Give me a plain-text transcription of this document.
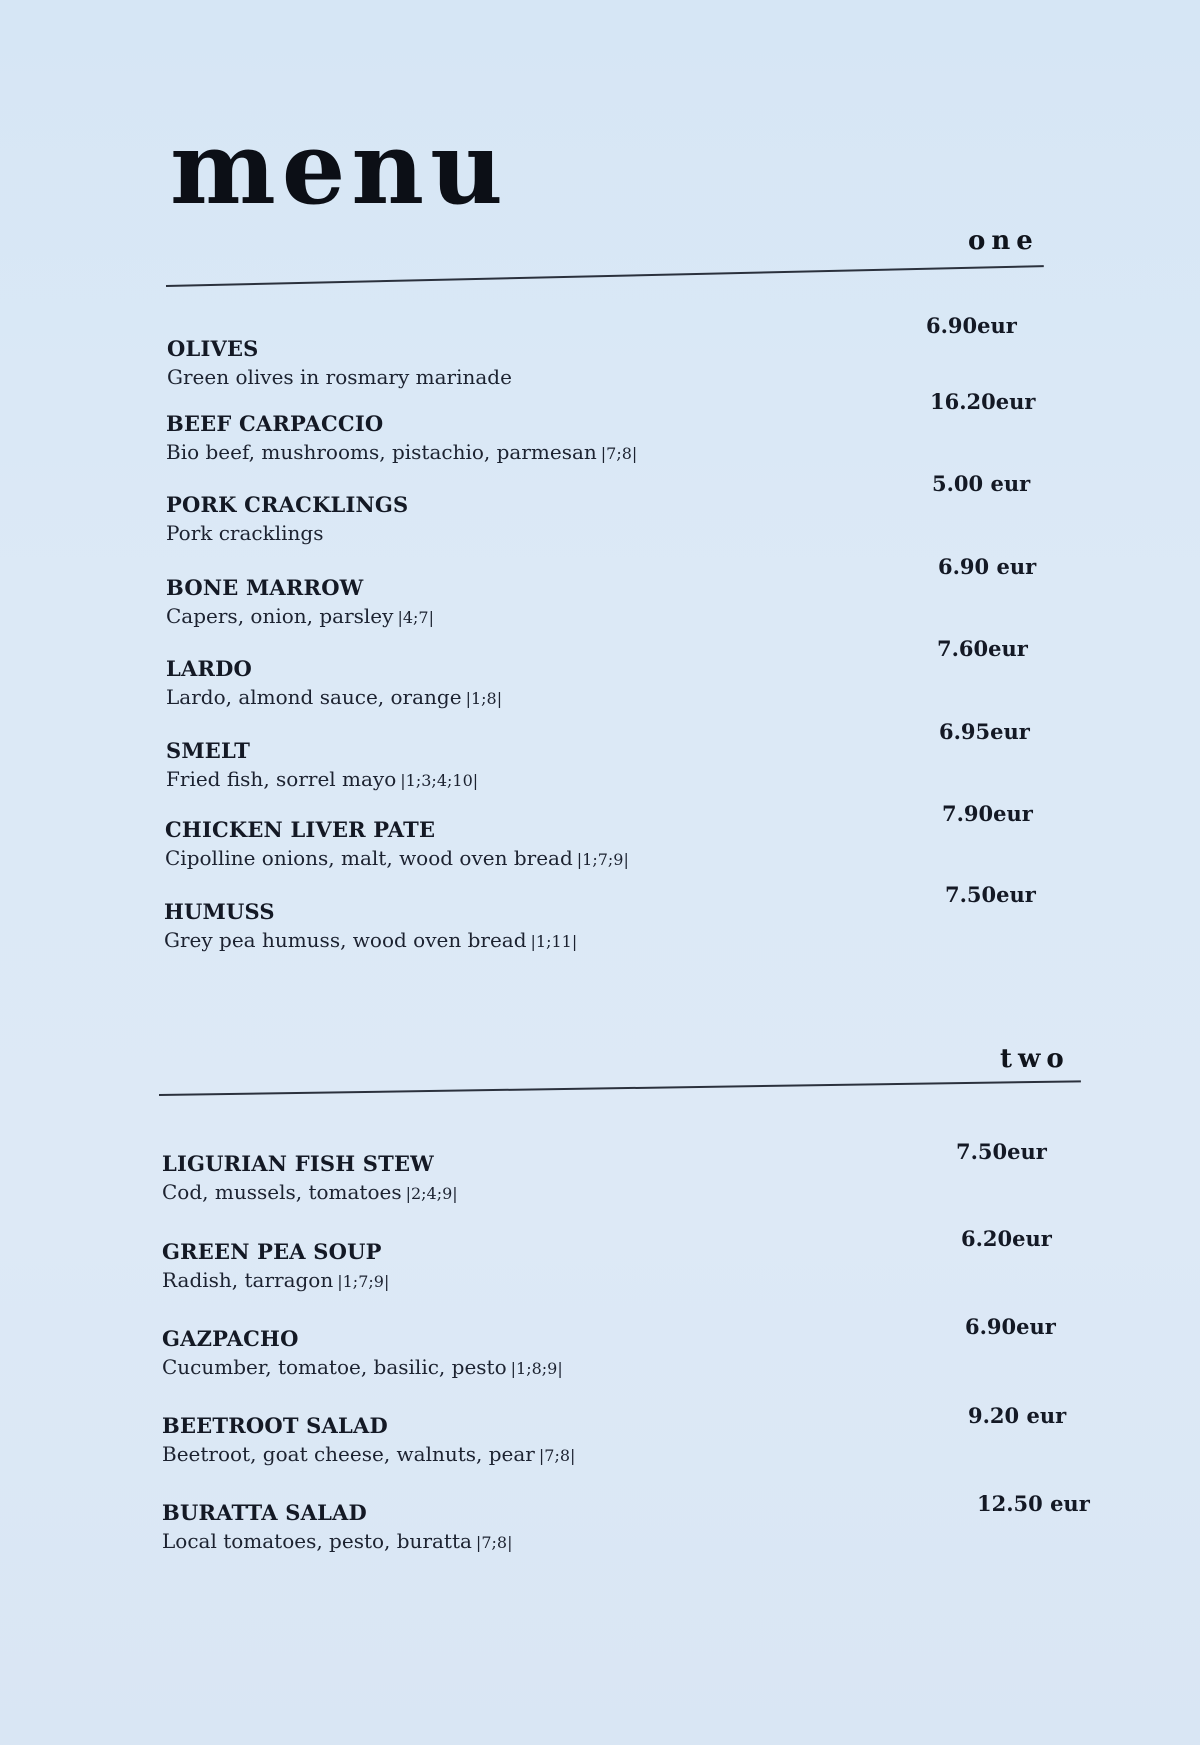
menu
one
OLIVES
Green olives in rosmary marinade
6.90eur
BEEF CARPACCIO
Bio beef, mushrooms, pistachio, parmesan |7;8|
16.20eur
PORK CRACKLINGS
Pork cracklings
5.00 eur
BONE MARROW
Capers, onion, parsley |4;7|
6.90 eur
LARDO
Lardo, almond sauce, orange |1;8|
7.60eur
SMELT
Fried fish, sorrel mayo |1;3;4;10|
6.95eur
CHICKEN LIVER PATE
Cipolline onions, malt, wood oven bread |1;7;9|
7.90eur
HUMUSS
Grey pea humuss, wood oven bread |1;11|
7.50eur
two
LIGURIAN FISH STEW
Cod, mussels, tomatoes |2;4;9|
7.50eur
GREEN PEA SOUP
Radish, tarragon |1;7;9|
6.20eur
GAZPACHO
Cucumber, tomatoe, basilic, pesto |1;8;9|
6.90eur
BEETROOT SALAD
Beetroot, goat cheese, walnuts, pear |7;8|
9.20 eur
BURATTA SALAD
Local tomatoes, pesto, buratta |7;8|
12.50 eur
